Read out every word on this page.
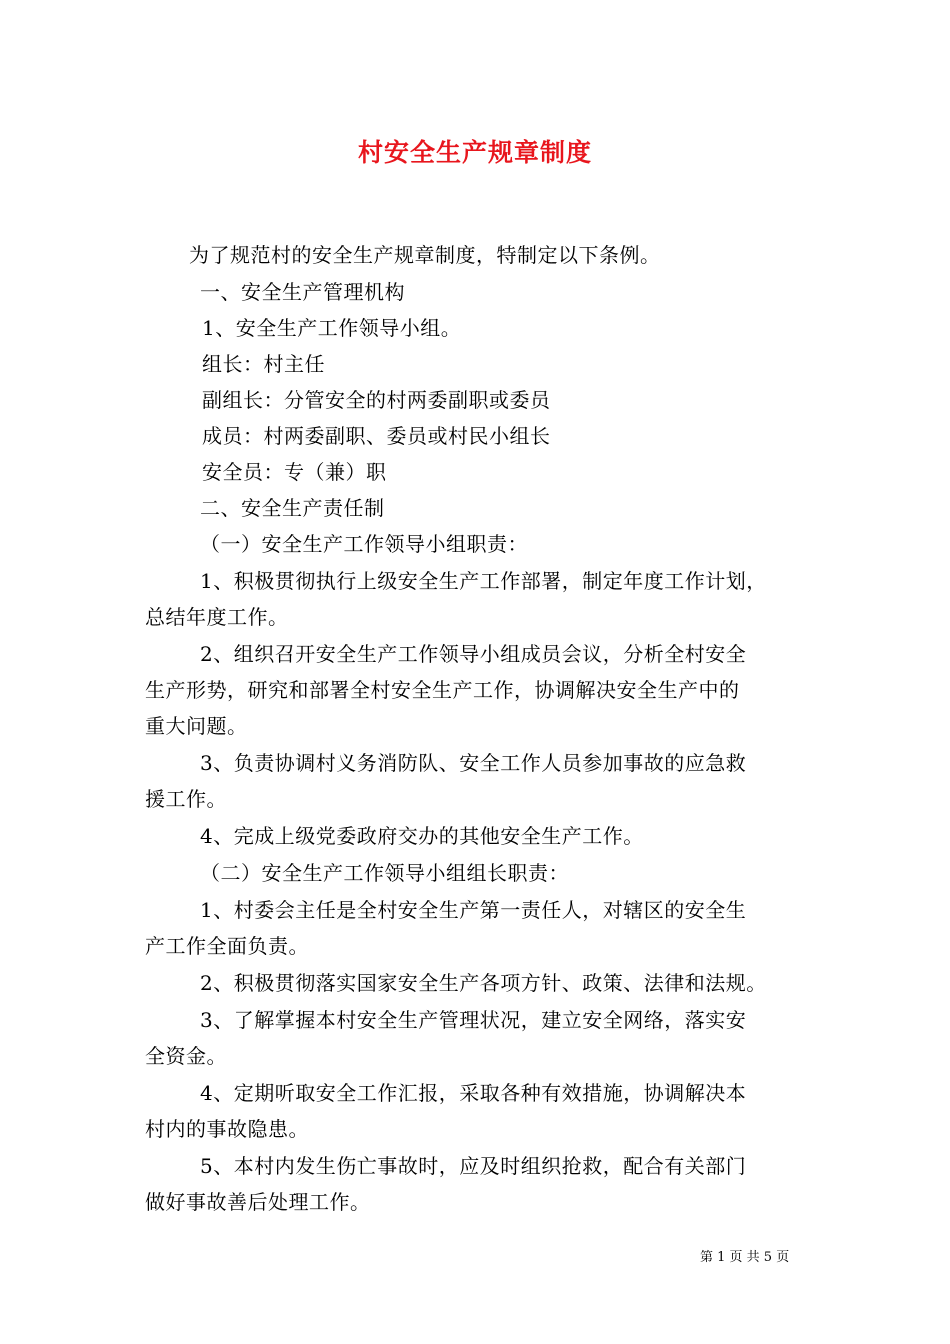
村安全生产规章制度
为了规范村的安全生产规章制度，特制定以下条例。
一、安全生产管理机构
1、安全生产工作领导小组。
组长：村主任
副组长：分管安全的村两委副职或委员
成员：村两委副职、委员或村民小组长
安全员：专（兼）职
二、安全生产责任制
（一）安全生产工作领导小组职责：
1、积极贯彻执行上级安全生产工作部署，制定年度工作计划，
总结年度工作。
2、组织召开安全生产工作领导小组成员会议，分析全村安全
生产形势，研究和部署全村安全生产工作，协调解决安全生产中的
重大问题。
3、负责协调村义务消防队、安全工作人员参加事故的应急救
援工作。
4、完成上级党委政府交办的其他安全生产工作。
（二）安全生产工作领导小组组长职责：
1、村委会主任是全村安全生产第一责任人，对辖区的安全生
产工作全面负责。
2、积极贯彻落实国家安全生产各项方针、政策、法律和法规。
3、了解掌握本村安全生产管理状况，建立安全网络，落实安
全资金。
4、定期听取安全工作汇报，采取各种有效措施，协调解决本
村内的事故隐患。
5、本村内发生伤亡事故时，应及时组织抢救，配合有关部门
做好事故善后处理工作。
第 1 页 共 5 页
